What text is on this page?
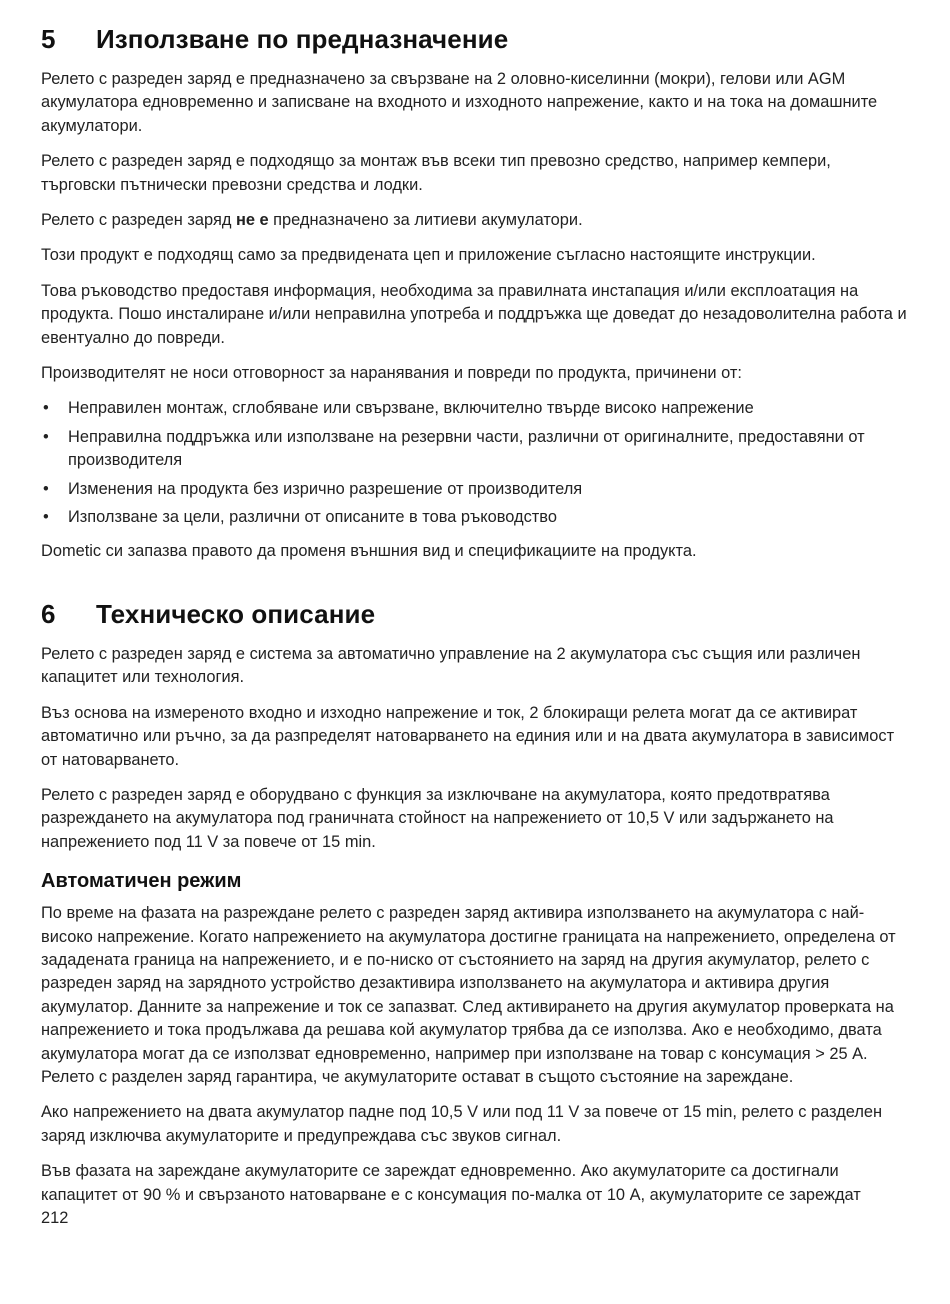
5 Използване по предназначение

Релето с разреден заряд е предназначено за свързване на 2 оловно-киселинни (мокри), гелови или AGM акумулатора едновременно и записване на входното и изходното напрежение, както и на тока на домашните акумулатори.

Релето с разреден заряд е подходящо за монтаж във всеки тип превозно средство, например кемпери, търговски пътнически превозни средства и лодки.

Релето с разреден заряд не е предназначено за литиеви акумулатори.

Този продукт е подходящ само за предвидената цеп и приложение съгласно настоящите инструкции.

Това ръководство предоставя информация, необходима за правилната инстапация и/или експлоатация на продукта. Пошо инсталиране и/или неправилна употреба и поддръжка ще доведат до незадоволителна работа и евентуално до повреди.

Производителят не носи отговорност за наранявания и повреди по продукта, причинени от:

• Неправилен монтаж, сглобяване или свързване, включително твърде високо напрежение
• Неправилна поддръжка или използване на резервни части, различни от оригиналните, предоставяни от производителя
• Изменения на продукта без изрично разрешение от производителя
• Използване за цели, различни от описаните в това ръководство

Dometic си запазва правото да променя външния вид и спецификациите на продукта.

6 Техническо описание

Релето с разреден заряд е система за автоматично управление на 2 акумулатора със същия или различен капацитет или технология.

Въз основа на измереното входно и изходно напрежение и ток, 2 блокиращи релета могат да се активират автоматично или ръчно, за да разпределят натоварването на единия или и на двата акумулатора в зависимост от натоварването.

Релето с разреден заряд е оборудвано с функция за изключване на акумулатора, която предотвратява разреждането на акумулатора под граничната стойност на напрежението от 10,5 V или задържането на напрежението под 11 V за повече от 15 min.

Автоматичен режим

По време на фазата на разреждане релето с разреден заряд активира използването на акумулатора с най-високо напрежение. Когато напрежението на акумулатора достигне границата на напрежението, определена от зададената граница на напрежението, и е по-ниско от състоянието на заряд на другия акумулатор, релето с разреден заряд на зарядното устройство дезактивира използването на акумулатора и активира другия акумулатор. Данните за напрежение и ток се запазват. След активирането на другия акумулатор проверката на напрежението и тока продължава да решава кой акумулатор трябва да се използва. Ако е необходимо, двата акумулатора могат да се използват едновременно, например при използване на товар с консумация > 25 A. Релето с разделен заряд гарантира, че акумулаторите остават в същото състояние на зареждане.

Ако напрежението на двата акумулатор падне под 10,5 V или под 11 V за повече от 15 min, релето с разделен заряд изключва акумулаторите и предупреждава със звуков сигнал.

Във фазата на зареждане акумулаторите се зареждат едновременно. Ако акумулаторите са достигнали капацитет от 90 % и свързаното натоварване е с консумация по-малка от 10 A, акумулаторите се зареждат

212
